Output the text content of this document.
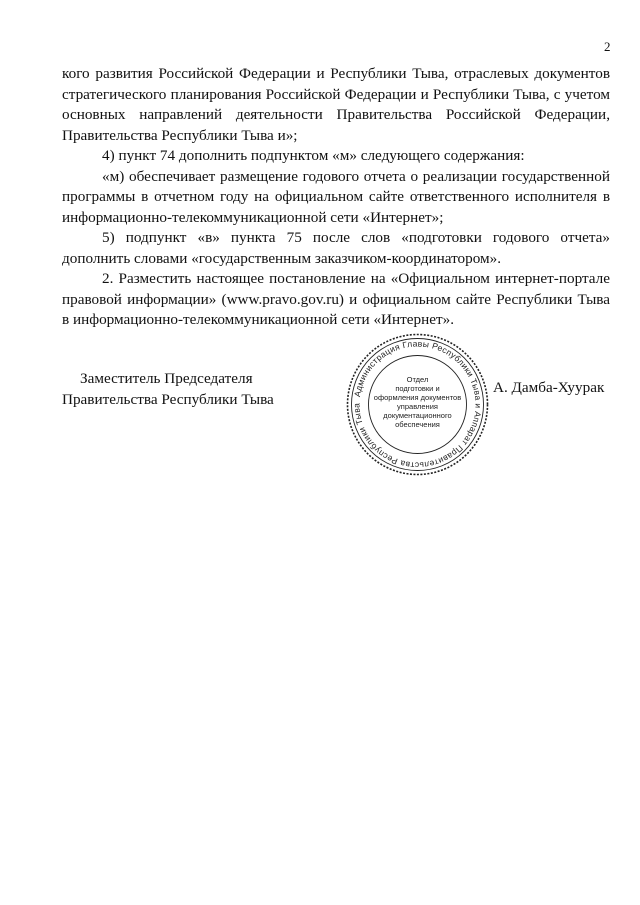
2

кого развития Российской Федерации и Республики Тыва, отраслевых документов стратегического планирования Российской Федерации и Республики Тыва, с учетом основных направлений деятельности Правительства Российской Федерации, Правительства Республики Тыва и»;

4) пункт 74 дополнить подпунктом «м» следующего содержания:

«м) обеспечивает размещение годового отчета о реализации государственной программы в отчетном году на официальном сайте ответственного исполнителя в информационно-телекоммуникационной сети «Интернет»;

5) подпункт «в» пункта 75 после слов «подготовки годового отчета» дополнить словами «государственным заказчиком-координатором».

2. Разместить настоящее постановление на «Официальном интернет-портале правовой информации» (www.pravo.gov.ru) и официальном сайте Республики Тыва в информационно-телекоммуникационной сети «Интернет».

Заместитель Председателя
Правительства Республики Тыва	Администрация Главы Республики Тыва и Аппарат Правительства Республики Тыва
Отдел
подготовки и
оформления документов
управления
документационного
обеспечения
А. Дамба-Хуурак
